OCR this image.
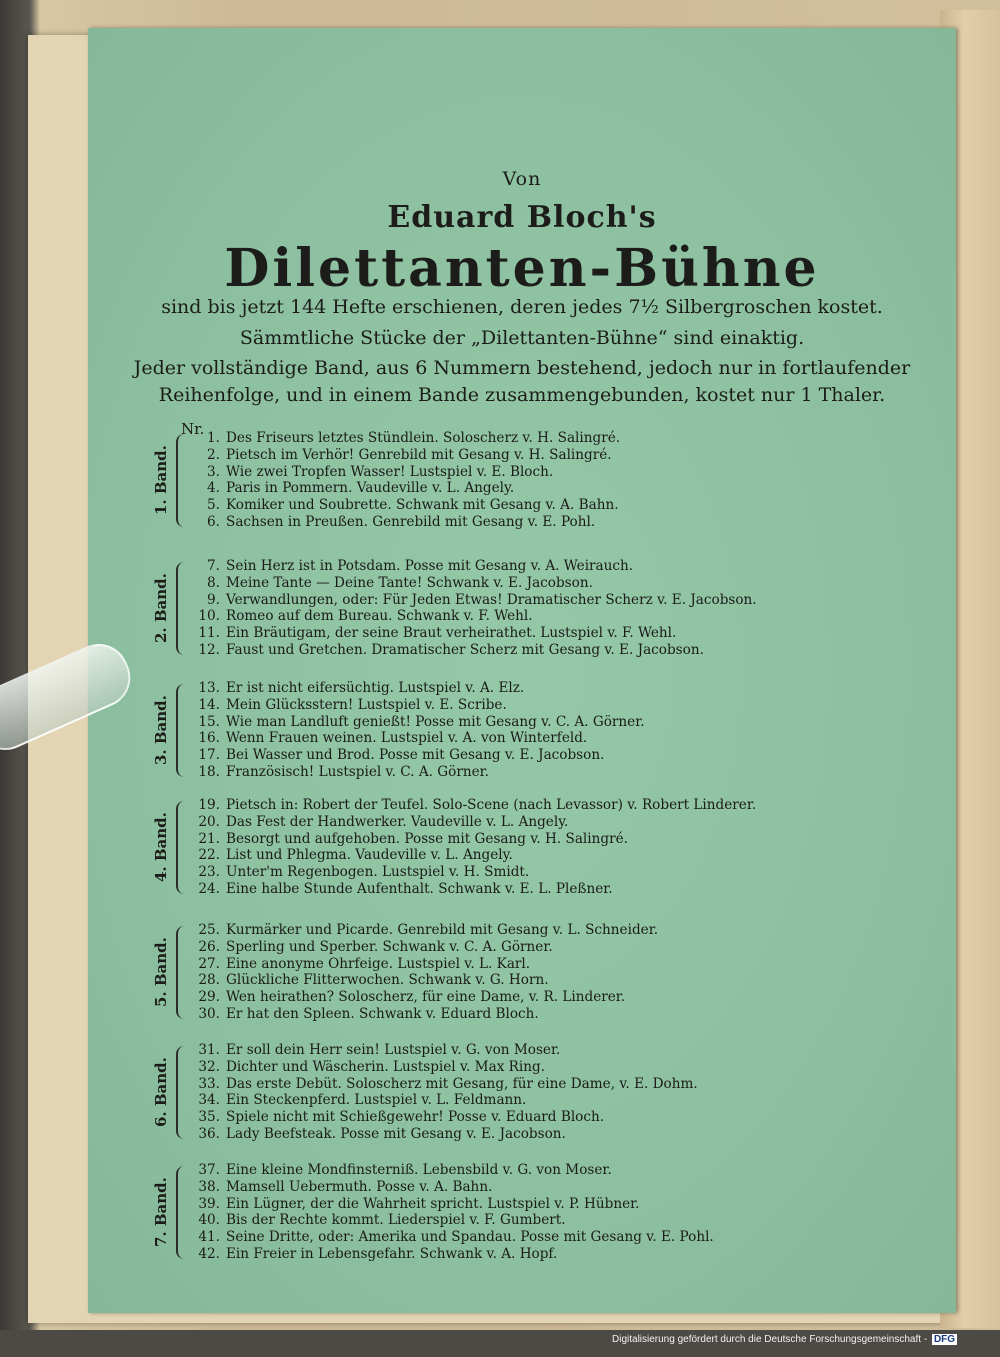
Von
Eduard Bloch's
Dilettanten-Bühne
sind bis jetzt 144 Hefte erschienen, deren jedes 7½ Silbergroschen kostet.
Sämmtliche Stücke der „Dilettanten-Bühne“ sind einaktig.
Jeder vollständige Band, aus 6 Nummern bestehend, jedoch nur in fortlaufender
Reihenfolge, und in einem Bande zusammengebunden, kostet nur 1 Thaler.
Nr.
1. Band.
1. Des Friseurs letztes Stündlein. Soloscherz v. H. Salingré.
2. Pietsch im Verhör! Genrebild mit Gesang v. H. Salingré.
3. Wie zwei Tropfen Wasser! Lustspiel v. E. Bloch.
4. Paris in Pommern. Vaudeville v. L. Angely.
5. Komiker und Soubrette. Schwank mit Gesang v. A. Bahn.
6. Sachsen in Preußen. Genrebild mit Gesang v. E. Pohl.
2. Band.
7. Sein Herz ist in Potsdam. Posse mit Gesang v. A. Weirauch.
8. Meine Tante — Deine Tante! Schwank v. E. Jacobson.
9. Verwandlungen, oder: Für Jeden Etwas! Dramatischer Scherz v. E. Jacobson.
10. Romeo auf dem Bureau. Schwank v. F. Wehl.
11. Ein Bräutigam, der seine Braut verheirathet. Lustspiel v. F. Wehl.
12. Faust und Gretchen. Dramatischer Scherz mit Gesang v. E. Jacobson.
3. Band.
13. Er ist nicht eifersüchtig. Lustspiel v. A. Elz.
14. Mein Glücksstern! Lustspiel v. E. Scribe.
15. Wie man Landluft genießt! Posse mit Gesang v. C. A. Görner.
16. Wenn Frauen weinen. Lustspiel v. A. von Winterfeld.
17. Bei Wasser und Brod. Posse mit Gesang v. E. Jacobson.
18. Französisch! Lustspiel v. C. A. Görner.
4. Band.
19. Pietsch in: Robert der Teufel. Solo-Scene (nach Levassor) v. Robert Linderer.
20. Das Fest der Handwerker. Vaudeville v. L. Angely.
21. Besorgt und aufgehoben. Posse mit Gesang v. H. Salingré.
22. List und Phlegma. Vaudeville v. L. Angely.
23. Unter'm Regenbogen. Lustspiel v. H. Smidt.
24. Eine halbe Stunde Aufenthalt. Schwank v. E. L. Pleßner.
5. Band.
25. Kurmärker und Picarde. Genrebild mit Gesang v. L. Schneider.
26. Sperling und Sperber. Schwank v. C. A. Görner.
27. Eine anonyme Ohrfeige. Lustspiel v. L. Karl.
28. Glückliche Flitterwochen. Schwank v. G. Horn.
29. Wen heirathen? Soloscherz, für eine Dame, v. R. Linderer.
30. Er hat den Spleen. Schwank v. Eduard Bloch.
6. Band.
31. Er soll dein Herr sein! Lustspiel v. G. von Moser.
32. Dichter und Wäscherin. Lustspiel v. Max Ring.
33. Das erste Debüt. Soloscherz mit Gesang, für eine Dame, v. E. Dohm.
34. Ein Steckenpferd. Lustspiel v. L. Feldmann.
35. Spiele nicht mit Schießgewehr! Posse v. Eduard Bloch.
36. Lady Beefsteak. Posse mit Gesang v. E. Jacobson.
7. Band.
37. Eine kleine Mondfinsterniß. Lebensbild v. G. von Moser.
38. Mamsell Uebermuth. Posse v. A. Bahn.
39. Ein Lügner, der die Wahrheit spricht. Lustspiel v. P. Hübner.
40. Bis der Rechte kommt. Liederspiel v. F. Gumbert.
41. Seine Dritte, oder: Amerika und Spandau. Posse mit Gesang v. E. Pohl.
42. Ein Freier in Lebensgefahr. Schwank v. A. Hopf.
Digitalisierung gefördert durch die Deutsche Forschungsgemeinschaft - DFG
